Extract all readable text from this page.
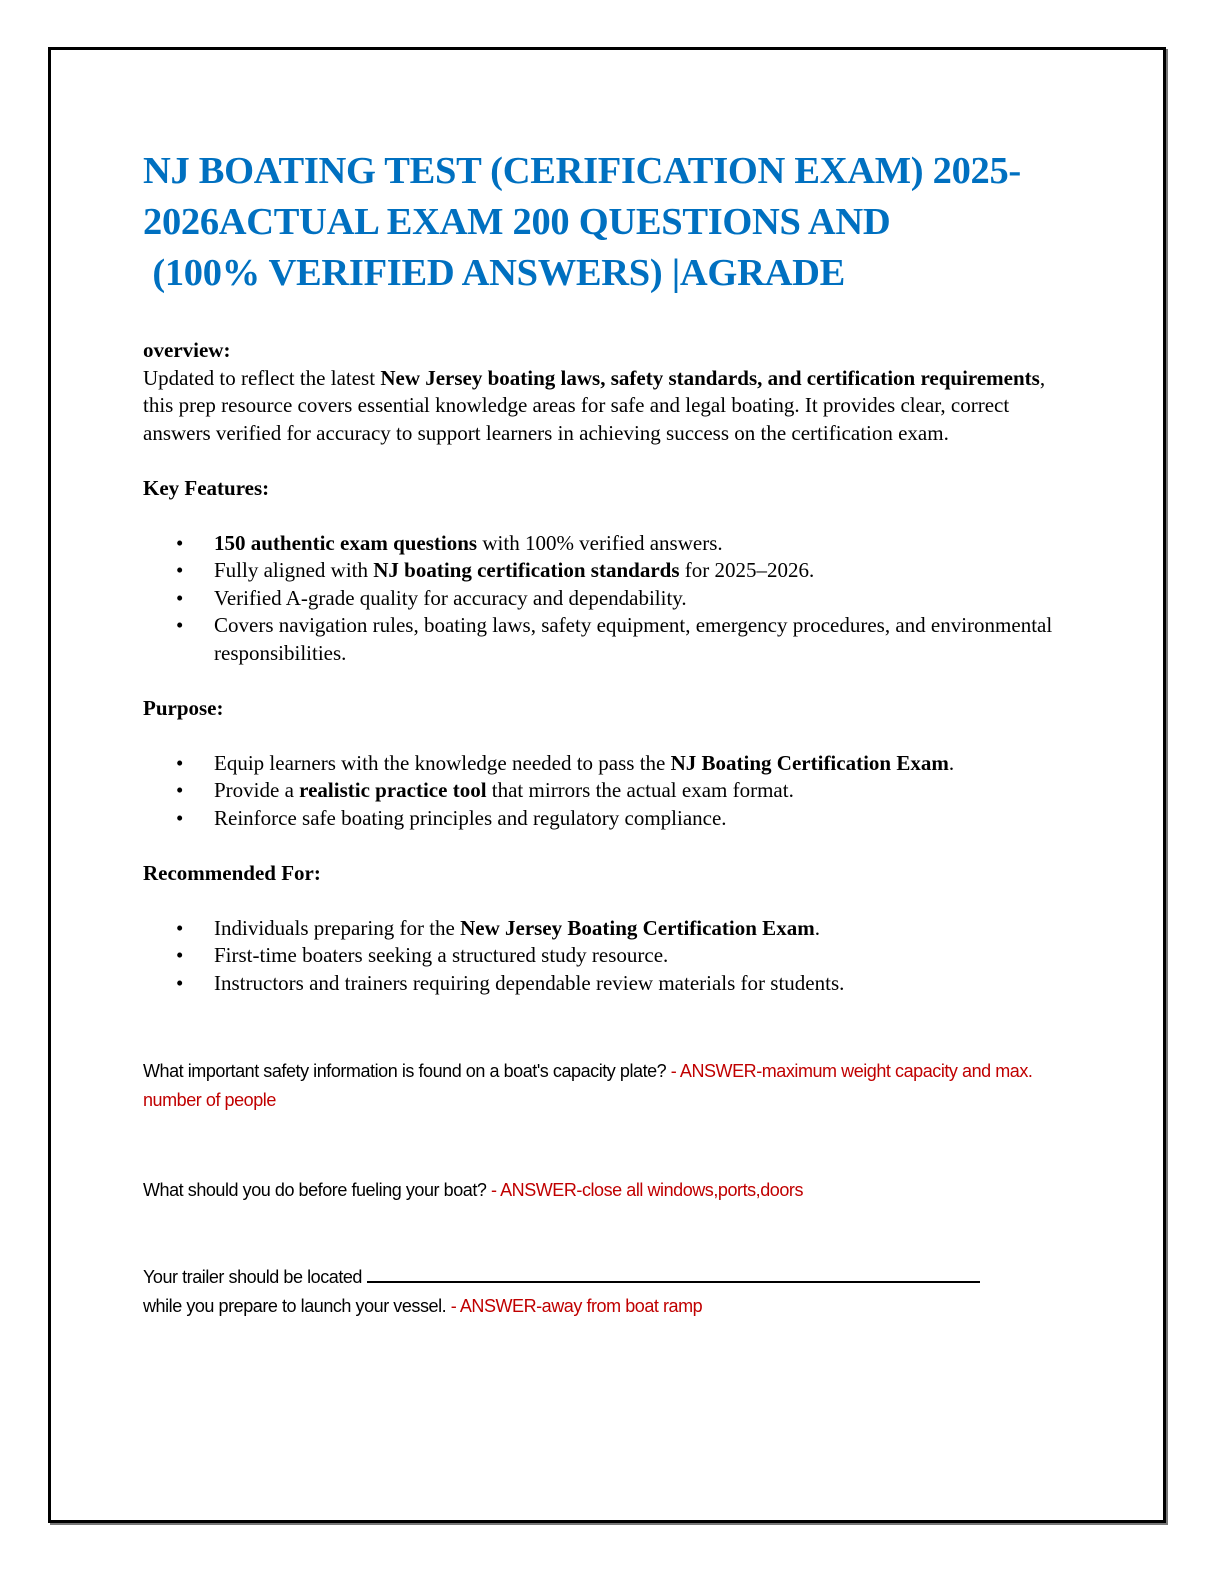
NJ BOATING TEST (CERIFICATION EXAM) 2025-
2026ACTUAL EXAM 200 QUESTIONS AND
(100% VERIFIED ANSWERS) |AGRADE

overview:

Updated to reflect the latest New Jersey boating laws, safety standards, and certification requirements, this prep resource covers essential knowledge areas for safe and legal boating. It provides clear, correct answers verified for accuracy to support learners in achieving success on the certification exam.

Key Features:

• 150 authentic exam questions with 100% verified answers.
• Fully aligned with NJ boating certification standards for 2025–2026.
• Verified A-grade quality for accuracy and dependability.
• Covers navigation rules, boating laws, safety equipment, emergency procedures, and environmental responsibilities.

Purpose:

• Equip learners with the knowledge needed to pass the NJ Boating Certification Exam.
• Provide a realistic practice tool that mirrors the actual exam format.
• Reinforce safe boating principles and regulatory compliance.

Recommended For:

• Individuals preparing for the New Jersey Boating Certification Exam.
• First-time boaters seeking a structured study resource.
• Instructors and trainers requiring dependable review materials for students.
What important safety information is found on a boat's capacity plate? - ANSWER-maximum weight capacity and max. number of people
What should you do before fueling your boat? - ANSWER-close all windows,ports,doors
Your trailer should be located
while you prepare to launch your vessel. - ANSWER-away from boat ramp
